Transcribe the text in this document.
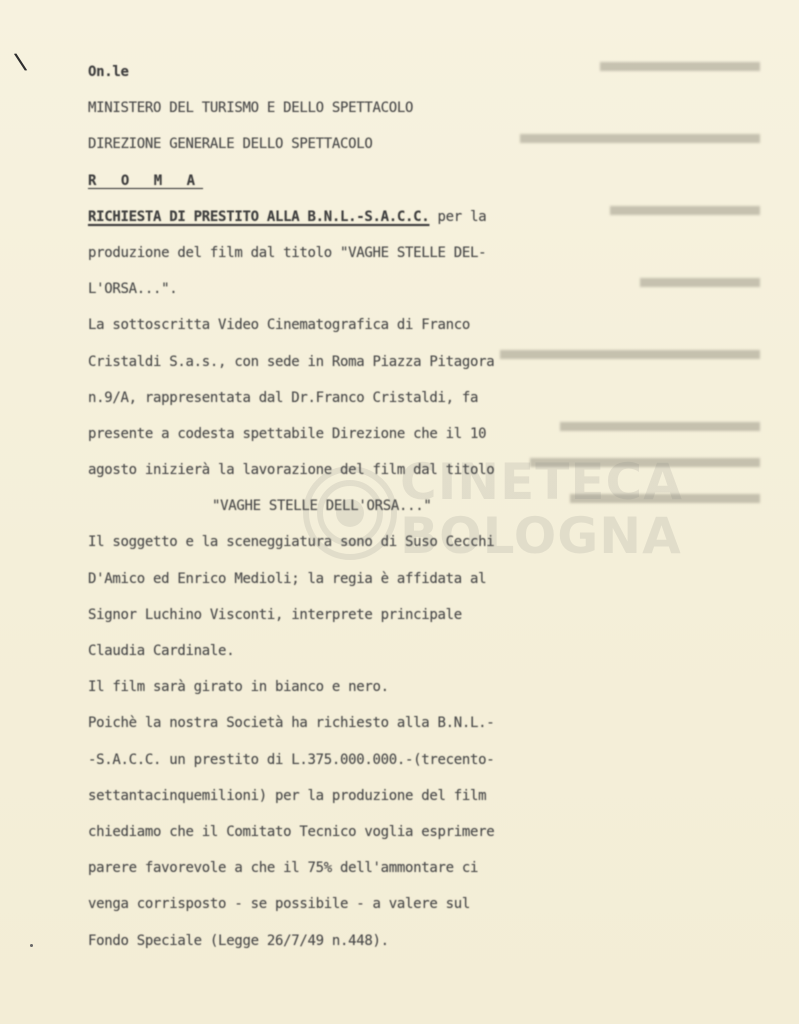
\
CINETECA
BOLOGNA
On.le
MINISTERO DEL TURISMO E DELLO SPETTACOLO
DIREZIONE GENERALE DELLO SPETTACOLO
R O M A
RICHIESTA DI PRESTITO ALLA B.N.L.-S.A.C.C. per la
produzione del film dal titolo "VAGHE STELLE DEL-
L'ORSA...".
La sottoscritta Video Cinematografica di Franco
Cristaldi S.a.s., con sede in Roma Piazza Pitagora
n.9/A, rappresentata dal Dr.Franco Cristaldi, fa
presente a codesta spettabile Direzione che il 10
agosto inizierà la lavorazione del film dal titolo
"VAGHE STELLE DELL'ORSA..."
Il soggetto e la sceneggiatura sono di Suso Cecchi
D'Amico ed Enrico Medioli; la regia è affidata al
Signor Luchino Visconti, interprete principale
Claudia Cardinale.
Il film sarà girato in bianco e nero.
Poichè la nostra Società ha richiesto alla B.N.L.-
-S.A.C.C. un prestito di L.375.000.000.-(trecento-
settantacinquemilioni) per la produzione del film
chiediamo che il Comitato Tecnico voglia esprimere
parere favorevole a che il 75% dell'ammontare ci
venga corrisposto - se possibile - a valere sul
Fondo Speciale (Legge 26/7/49 n.448).
